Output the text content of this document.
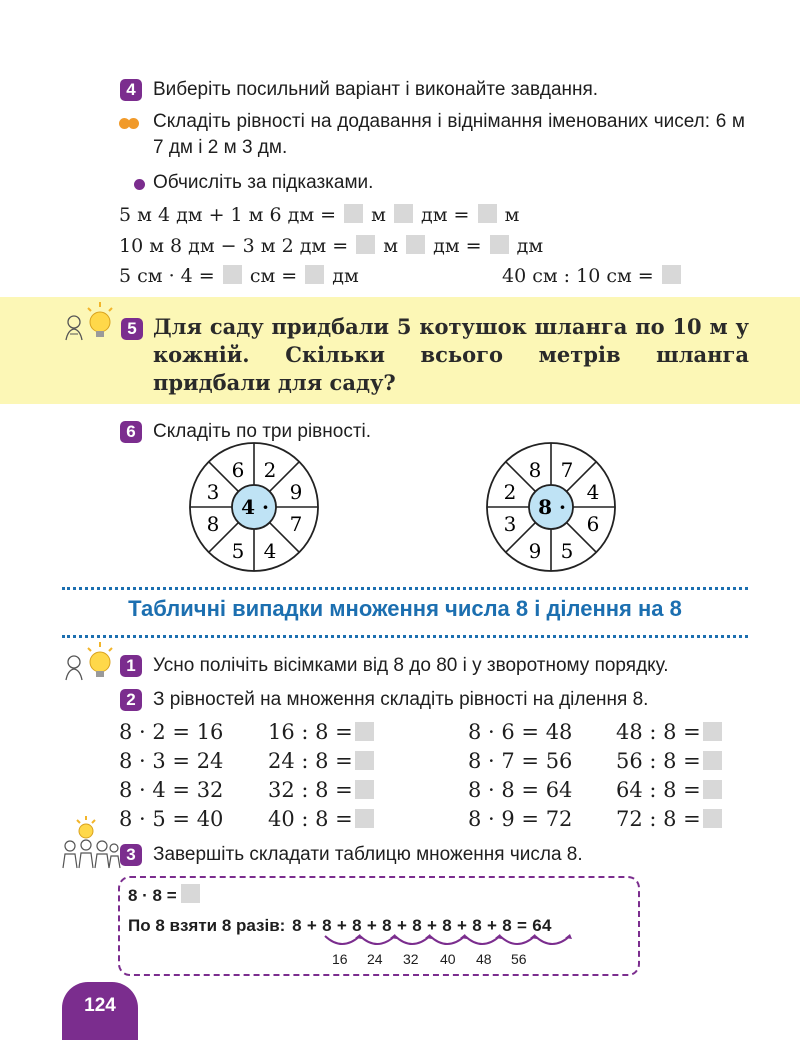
4 Виберіть посильний варіант і виконайте завдання.
Складіть рівності на додавання і віднімання іменованих чисел: 6 м 7 дм і 2 м 3 дм.
Обчисліть за підказками.
5 м 4 дм + 1 м 6 дм = м дм = м
10 м 8 дм − 3 м 2 дм = м дм = дм
5 см · 4 = см = дм	40 см : 10 см =
5 Для саду придбали 5 котушок шланга по 10 м у кожній. Скільки всього метрів шланга придбали для саду?
6 Складіть по три рівності.
4 ·
2
9
7
4
5
8
3
6
8 ·
7
4
6
5
9
3
2
8
Табличні випадки множення числа 8 і ділення на 8
1 Усно полічіть вісімками від 8 до 80 і у зворотному порядку.
2 З рівностей на множення складіть рівності на ділення 8.
8 · 2 = 16 16 : 8 =	8 · 6 = 48 48 : 8 =
8 · 3 = 24 24 : 8 =	8 · 7 = 56 56 : 8 =
8 · 4 = 32 32 : 8 =	8 · 8 = 64 64 : 8 =
8 · 5 = 40 40 : 8 =	8 · 9 = 72 72 : 8 =
3 Завершіть складати таблицю множення числа 8.
8 · 8 =
По 8 взяти 8 разів: 8 + 8 + 8 + 8 + 8 + 8 + 8 + 8 = 64
16 24 32 40 48 56
124
